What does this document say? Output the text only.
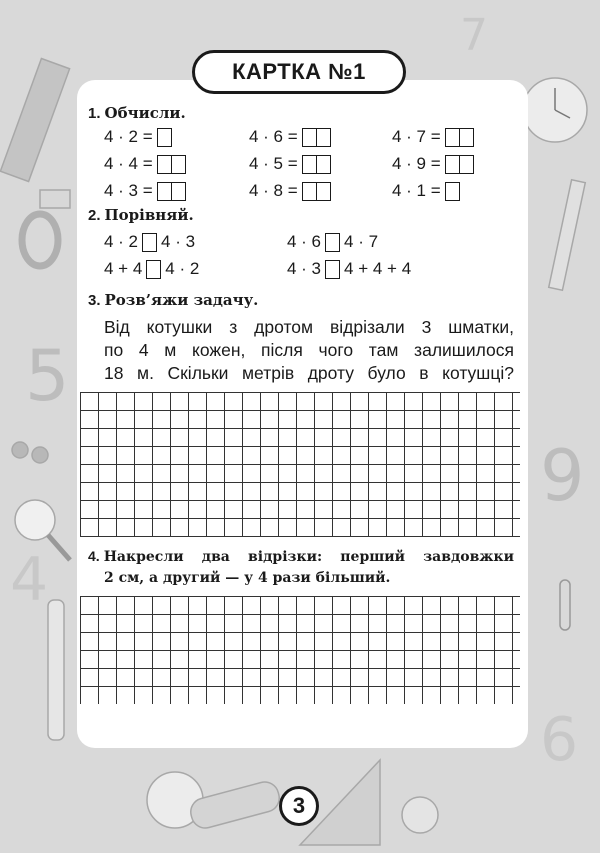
5
9
7
4
6
КАРТКА №1
1. Обчисли.
4 · 2 =	4 · 6 =	4 · 7 =
4 · 4 =	4 · 5 =	4 · 9 =
4 · 3 =	4 · 8 =	4 · 1 =
2. Порівняй.
4 · 2 4 · 3	4 · 6 4 · 7
4 + 4 4 · 2	4 · 3 4 + 4 + 4
3. Розв’яжи задачу.
Від котушки з дротом відрізали 3 шматки,
по 4 м кожен, після чого там залишилося
18 м. Скільки метрів дроту було в котушці?
4. Накресли два відрізки: перший завдовжки
2 см, а другий — у 4 рази більший.
3
